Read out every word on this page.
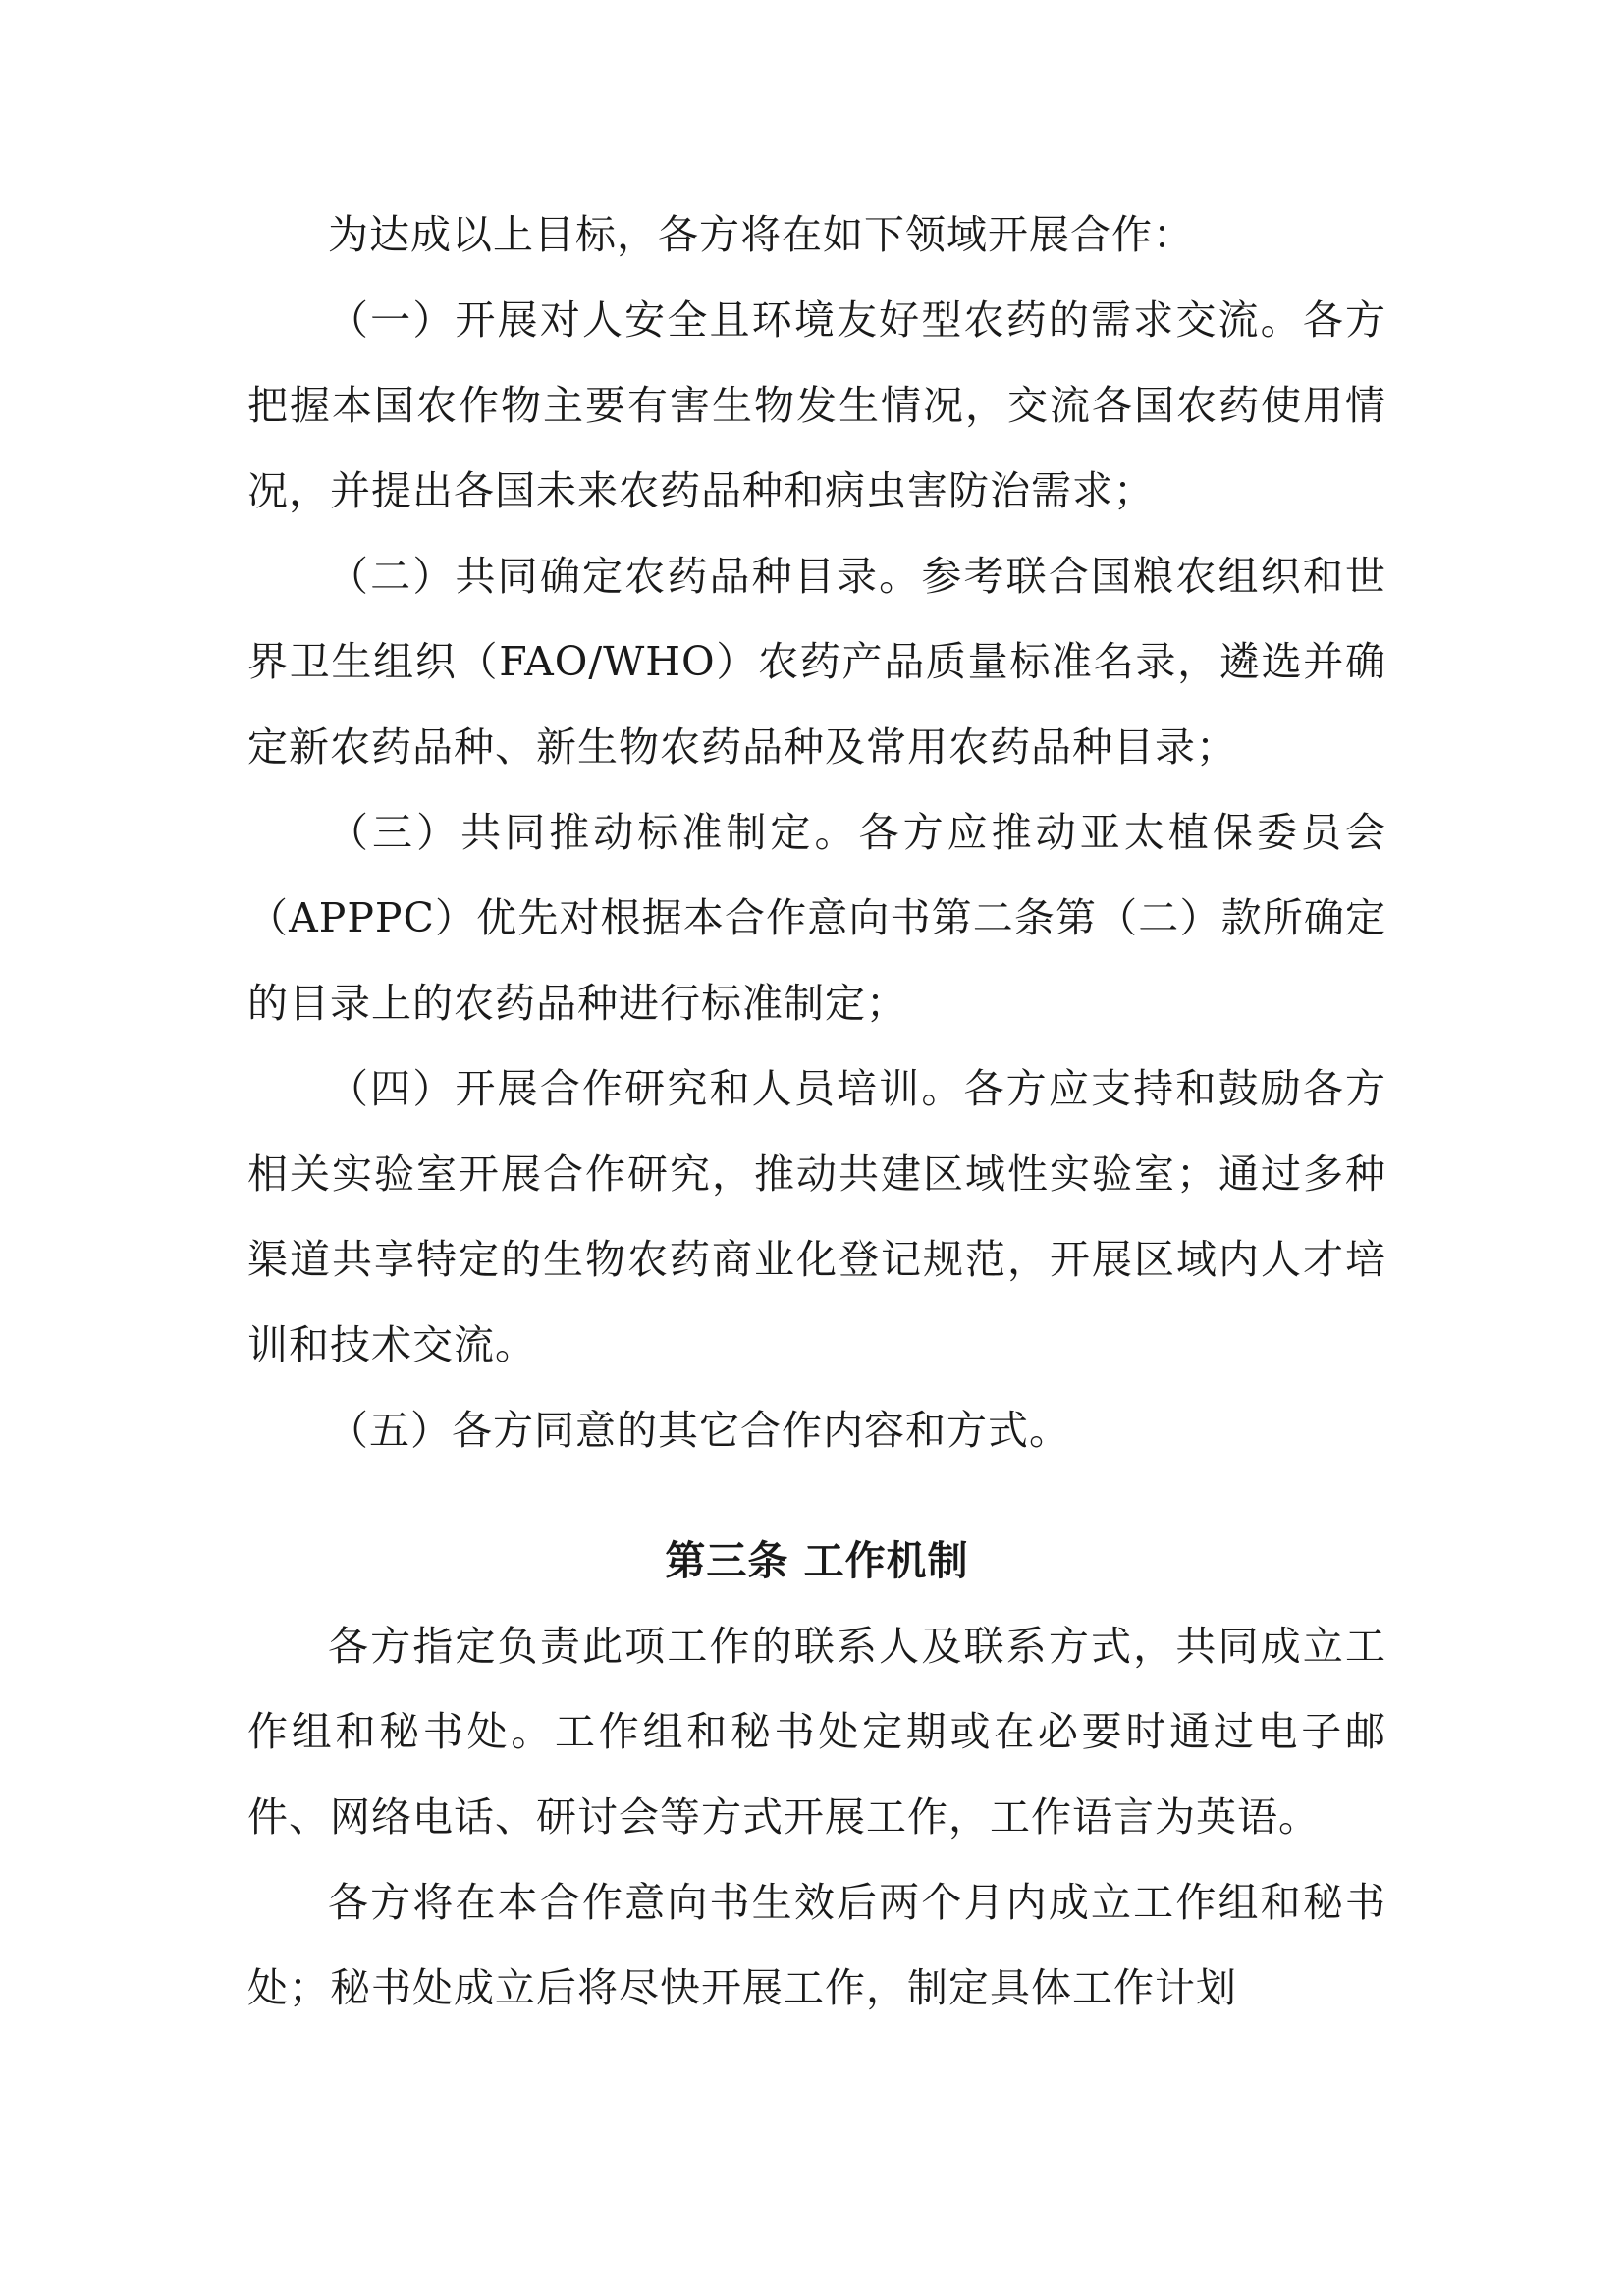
为达成以上目标，各方将在如下领域开展合作：

（一）开展对人安全且环境友好型农药的需求交流。各方把握本国农作物主要有害生物发生情况，交流各国农药使用情况，并提出各国未来农药品种和病虫害防治需求；

（二）共同确定农药品种目录。参考联合国粮农组织和世界卫生组织（FAO/WHO）农药产品质量标准名录，遴选并确定新农药品种、新生物农药品种及常用农药品种目录；

（三）共同推动标准制定。各方应推动亚太植保委员会（APPPC）优先对根据本合作意向书第二条第（二）款所确定的目录上的农药品种进行标准制定；

（四）开展合作研究和人员培训。各方应支持和鼓励各方相关实验室开展合作研究，推动共建区域性实验室；通过多种渠道共享特定的生物农药商业化登记规范，开展区域内人才培训和技术交流。

（五）各方同意的其它合作内容和方式。

第三条 工作机制

各方指定负责此项工作的联系人及联系方式，共同成立工作组和秘书处。工作组和秘书处定期或在必要时通过电子邮件、网络电话、研讨会等方式开展工作，工作语言为英语。

各方将在本合作意向书生效后两个月内成立工作组和秘书处；秘书处成立后将尽快开展工作，制定具体工作计划
